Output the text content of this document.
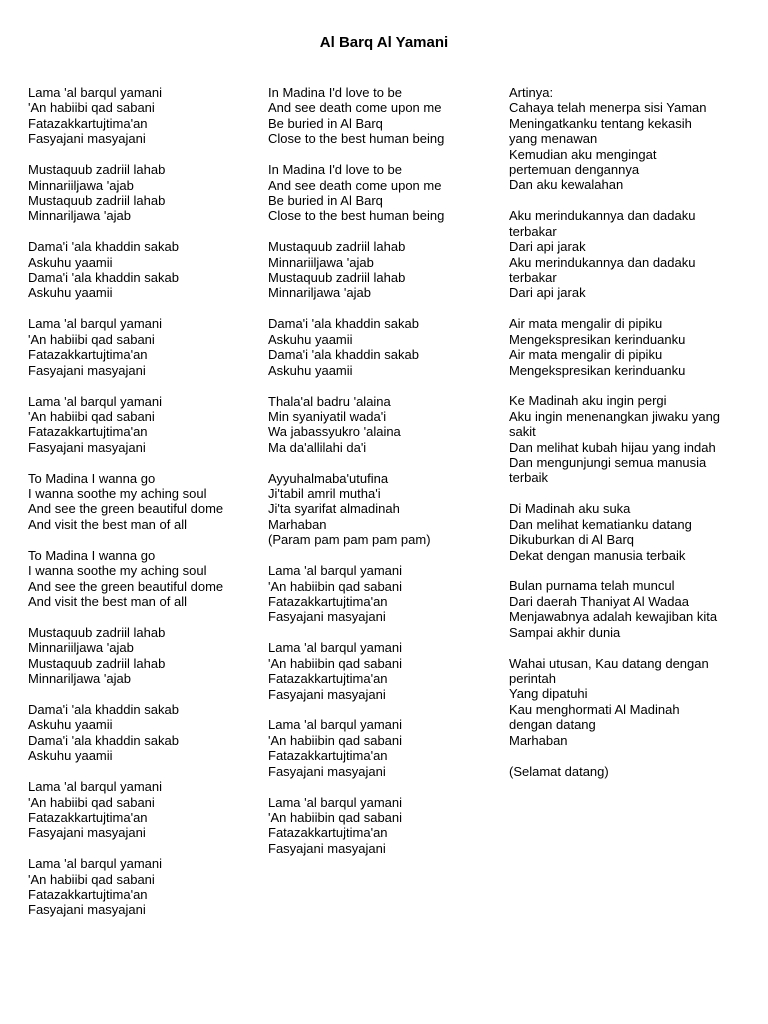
Al Barq Al Yamani
Lama 'al barqul yamani
'An habiibi qad sabani
Fatazakkartujtima'an
Fasyajani masyajani
Mustaquub zadriil lahab
Minnariiljawa 'ajab
Mustaquub zadriil lahab
Minnariljawa 'ajab
Dama'i 'ala khaddin sakab
Askuhu yaamii
Dama'i 'ala khaddin sakab
Askuhu yaamii
Lama 'al barqul yamani
'An habiibi qad sabani
Fatazakkartujtima'an
Fasyajani masyajani
Lama 'al barqul yamani
'An habiibi qad sabani
Fatazakkartujtima'an
Fasyajani masyajani
To Madina I wanna go
I wanna soothe my aching soul
And see the green beautiful dome
And visit the best man of all
To Madina I wanna go
I wanna soothe my aching soul
And see the green beautiful dome
And visit the best man of all
Mustaquub zadriil lahab
Minnariiljawa 'ajab
Mustaquub zadriil lahab
Minnariljawa 'ajab
Dama'i 'ala khaddin sakab
Askuhu yaamii
Dama'i 'ala khaddin sakab
Askuhu yaamii
Lama 'al barqul yamani
'An habiibi qad sabani
Fatazakkartujtima'an
Fasyajani masyajani
Lama 'al barqul yamani
'An habiibi qad sabani
Fatazakkartujtima'an
Fasyajani masyajani
In Madina I'd love to be
And see death come upon me
Be buried in Al Barq
Close to the best human being
In Madina I'd love to be
And see death come upon me
Be buried in Al Barq
Close to the best human being
Mustaquub zadriil lahab
Minnariiljawa 'ajab
Mustaquub zadriil lahab
Minnariljawa 'ajab
Dama'i 'ala khaddin sakab
Askuhu yaamii
Dama'i 'ala khaddin sakab
Askuhu yaamii
Thala'al badru 'alaina
Min syaniyatil wada'i
Wa jabassyukro 'alaina
Ma da'allilahi da'i
Ayyuhalmaba'utufina
Ji'tabil amril mutha'i
Ji'ta syarifat almadinah
Marhaban
(Param pam pam pam pam)
Lama 'al barqul yamani
'An habiibin qad sabani
Fatazakkartujtima'an
Fasyajani masyajani
Lama 'al barqul yamani
'An habiibin qad sabani
Fatazakkartujtima'an
Fasyajani masyajani
Lama 'al barqul yamani
'An habiibin qad sabani
Fatazakkartujtima'an
Fasyajani masyajani
Lama 'al barqul yamani
'An habiibin qad sabani
Fatazakkartujtima'an
Fasyajani masyajani
Artinya:
Cahaya telah menerpa sisi Yaman
Meningatkanku tentang kekasih
yang menawan
Kemudian aku mengingat
pertemuan dengannya
Dan aku kewalahan
Aku merindukannya dan dadaku
terbakar
Dari api jarak
Aku merindukannya dan dadaku
terbakar
Dari api jarak
Air mata mengalir di pipiku
Mengekspresikan kerinduanku
Air mata mengalir di pipiku
Mengekspresikan kerinduanku
Ke Madinah aku ingin pergi
Aku ingin menenangkan jiwaku yang
sakit
Dan melihat kubah hijau yang indah
Dan mengunjungi semua manusia
terbaik
Di Madinah aku suka
Dan melihat kematianku datang
Dikuburkan di Al Barq
Dekat dengan manusia terbaik
Bulan purnama telah muncul
Dari daerah Thaniyat Al Wadaa
Menjawabnya adalah kewajiban kita
Sampai akhir dunia
Wahai utusan, Kau datang dengan
perintah
Yang dipatuhi
Kau menghormati Al Madinah
dengan datang
Marhaban
(Selamat datang)
